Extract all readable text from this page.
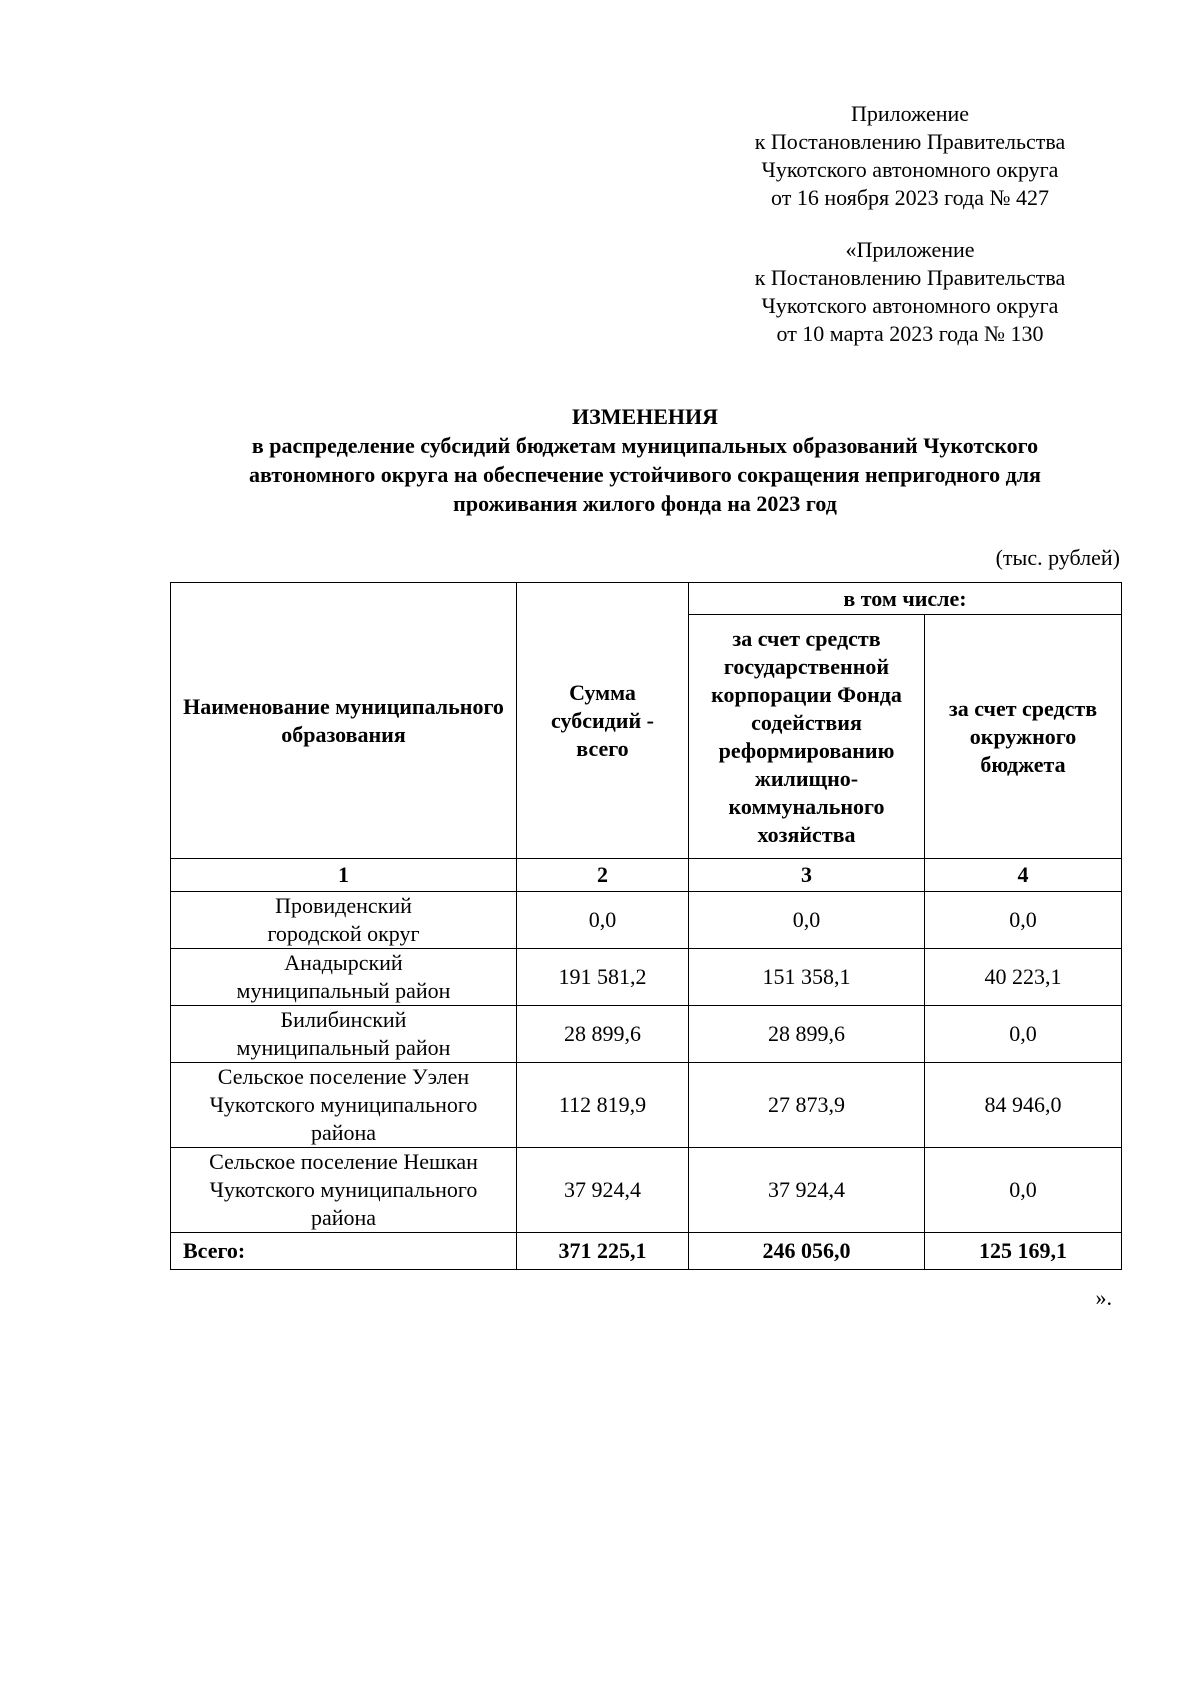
Приложение
к Постановлению Правительства
Чукотского автономного округа
от 16 ноября 2023 года № 427
«Приложение
к Постановлению Правительства
Чукотского автономного округа
от 10 марта 2023 года № 130
ИЗМЕНЕНИЯ
в распределение субсидий бюджетам муниципальных образований Чукотского
автономного округа на обеспечение устойчивого сокращения непригодного для
проживания жилого фонда на 2023 год
(тыс. рублей)
Наименование муниципального образования	Сумма субсидий - всего	в том числе:	
		за счет средств государственной корпорации Фонда содействия реформированию жилищно-коммунального хозяйства	за счет средств окружного бюджета
1	2	3	4

Провиденский
городской округ	0,0	0,0	0,0

Анадырский
муниципальный район	191 581,2	151 358,1	40 223,1

Билибинский
муниципальный район	28 899,6	28 899,6	0,0

Сельское поселение Уэлен
Чукотского муниципального
района	112 819,9	27 873,9	84 946,0

Сельское поселение Нешкан
Чукотского муниципального
района	37 924,4	37 924,4	0,0
Всего:	371 225,1	246 056,0	125 169,1
».
